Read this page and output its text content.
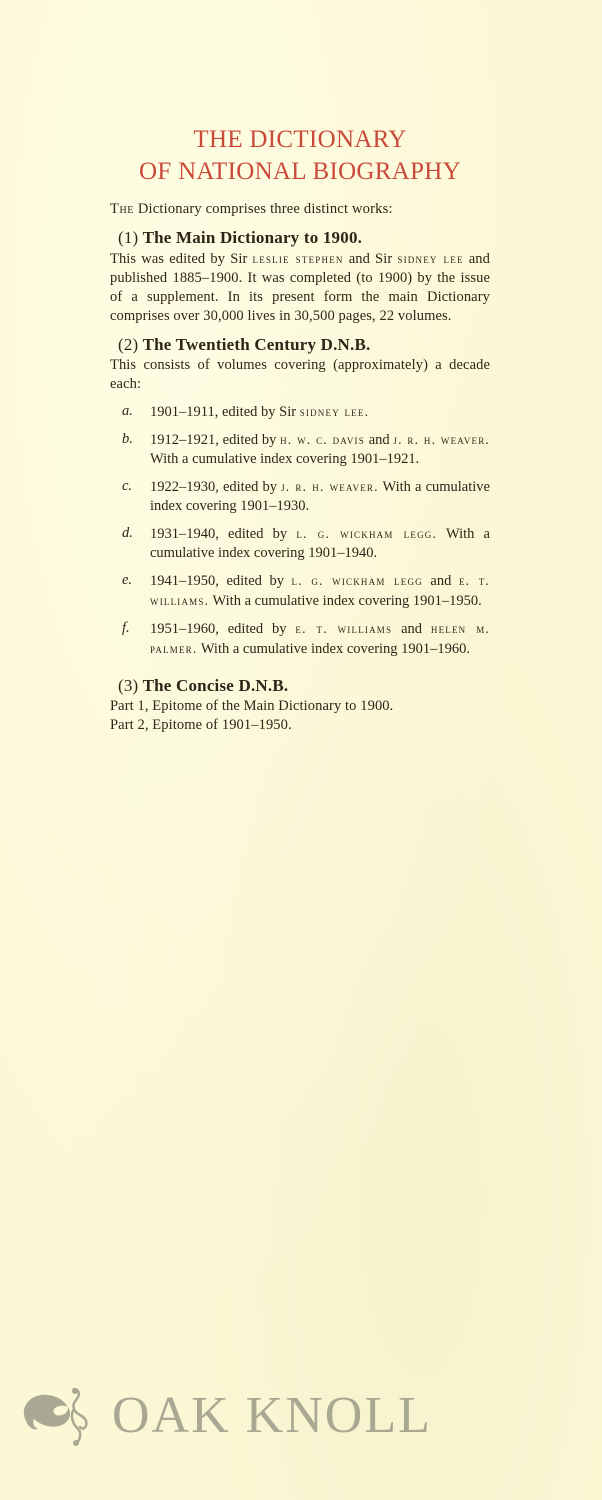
THE DICTIONARY
OF NATIONAL BIOGRAPHY
The Dictionary comprises three distinct works:
(1) The Main Dictionary to 1900.
This was edited by Sir leslie stephen and Sir sidney lee and published 1885–1900. It was completed (to 1900) by the issue of a supplement. In its present form the main Dictionary comprises over 30,000 lives in 30,500 pages, 22 volumes.
(2) The Twentieth Century D.N.B.
This consists of volumes covering (approximately) a decade each:
a. 1901–1911, edited by Sir sidney lee.
b. 1912–1921, edited by h. w. c. davis and j. r. h. weaver. With a cumulative index covering 1901–1921.
c. 1922–1930, edited by j. r. h. weaver. With a cumulative index covering 1901–1930.
d. 1931–1940, edited by l. g. wickham legg. With a cumulative index covering 1901–1940.
e. 1941–1950, edited by l. g. wickham legg and e. t. williams. With a cumulative index covering 1901–1950.
f. 1951–1960, edited by e. t. williams and helen m. palmer. With a cumulative index covering 1901–1960.
(3) The Concise D.N.B.
Part 1, Epitome of the Main Dictionary to 1900.
Part 2, Epitome of 1901–1950.
OAK KNOLL
